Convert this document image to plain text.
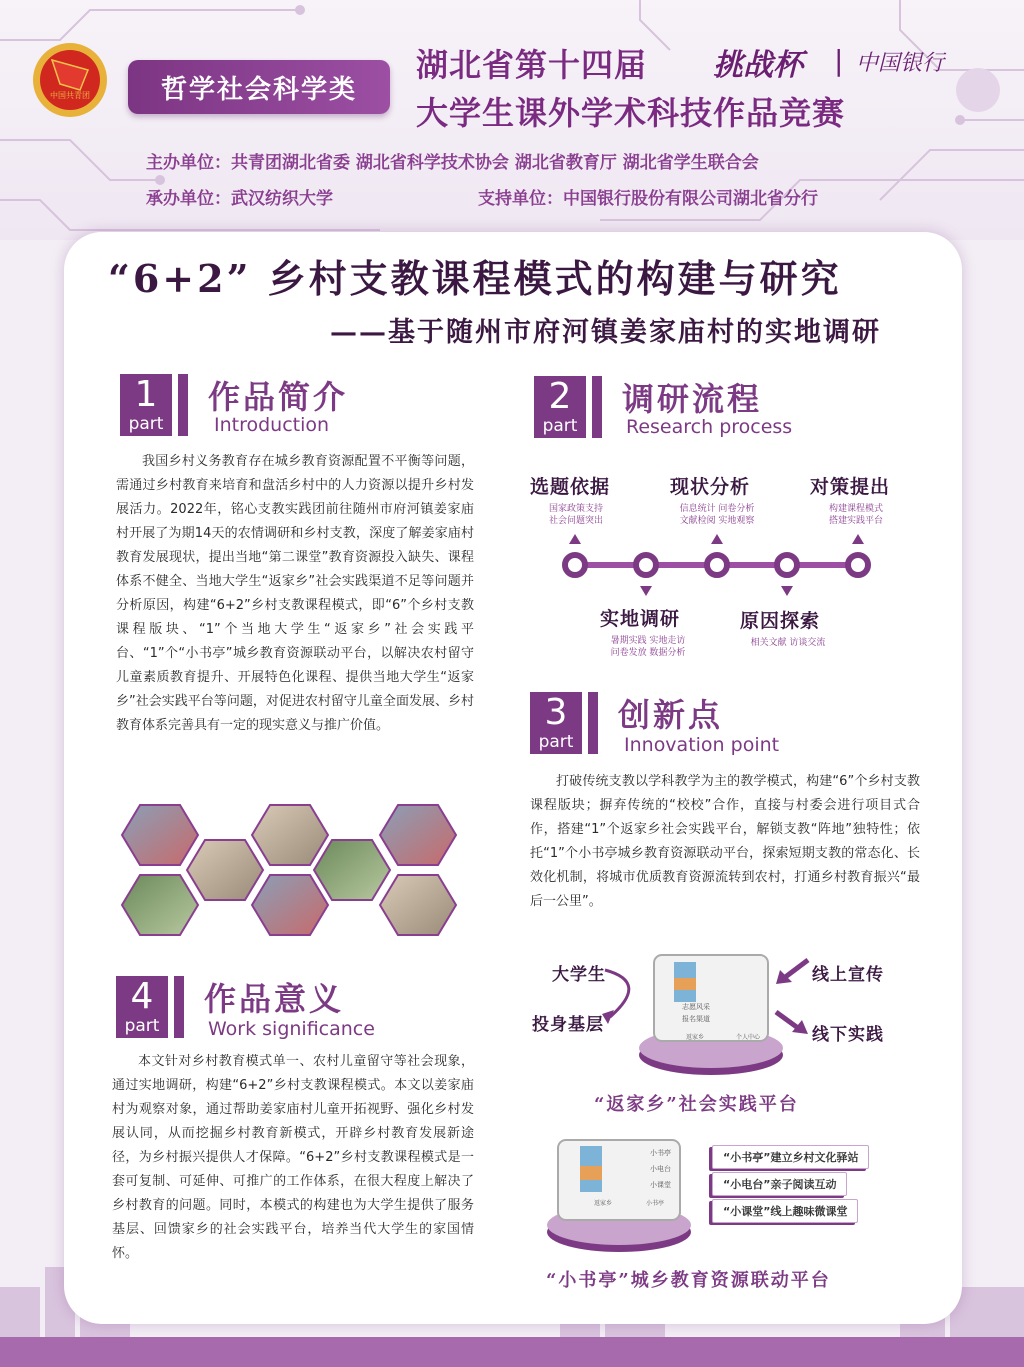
中国共青团	哲学社会科学类
湖北省第十四届 挑战杯 | 中国银行
大学生课外学术科技作品竞赛
主办单位：共青团湖北省委 湖北省科学技术协会 湖北省教育厅 湖北省学生联合会
承办单位：武汉纺织大学	支持单位：中国银行股份有限公司湖北省分行
“6+2” 乡村支教课程模式的构建与研究
——基于随州市府河镇姜家庙村的实地调研
1
part
作品简介
Introduction
我国乡村义务教育存在城乡教育资源配置不平衡等问题，需通过乡村教育来培育和盘活乡村中的人力资源以提升乡村发展活力。2022年，铭心支教实践团前往随州市府河镇姜家庙村开展了为期14天的农情调研和乡村支教，深度了解姜家庙村教育发展现状，提出当地“第二课堂”教育资源投入缺失、课程体系不健全、当地大学生“返家乡”社会实践渠道不足等问题并分析原因，构建“6+2”乡村支教课程模式，即“6”个乡村支教课程版块、“1”个当地大学生“返家乡”社会实践平台、“1”个“小书亭”城乡教育资源联动平台，以解决农村留守儿童素质教育提升、开展特色化课程、提供当地大学生“返家乡”社会实践平台等问题，对促进农村留守儿童全面发展、乡村教育体系完善具有一定的现实意义与推广价值。
4
part
作品意义
Work significance
本文针对乡村教育模式单一、农村儿童留守等社会现象，通过实地调研，构建“6+2”乡村支教课程模式。本文以姜家庙村为观察对象，通过帮助姜家庙村儿童开拓视野、强化乡村发展认同，从而挖掘乡村教育新模式，开辟乡村教育发展新途径，为乡村振兴提供人才保障。“6+2”乡村支教课程模式是一套可复制、可延伸、可推广的工作体系，在很大程度上解决了乡村教育的问题。同时，本模式的构建也为大学生提供了服务基层、回馈家乡的社会实践平台，培养当代大学生的家国情怀。
2
part
调研流程
Research process
选题依据
国家政策支持
社会问题突出
现状分析
信息统计 问卷分析
文献检阅 实地观察
对策提出
构建课程模式
搭建实践平台
实地调研
暑期实践 实地走访
问卷发放 数据分析
原因探索
相关文献 访谈交流
3
part
创新点
Innovation point
打破传统支教以学科教学为主的教学模式，构建“6”个乡村支教课程版块；摒弃传统的“校校”合作，直接与村委会进行项目式合作，搭建“1”个返家乡社会实践平台，解锁支教“阵地”独特性；依托“1”个小书亭城乡教育资源联动平台，探索短期支教的常态化、长效化机制，将城市优质教育资源流转到农村，打通乡村教育振兴“最后一公里”。
志愿风采
报名渠道
返家乡	个人中心
大学生
投身基层
线上宣传
线下实践
“返家乡”社会实践平台
小书亭
小电台
小课堂
返家乡	小书亭
“小书亭”建立乡村文化驿站
“小电台”亲子阅读互动
“小课堂”线上趣味微课堂
“小书亭”城乡教育资源联动平台
